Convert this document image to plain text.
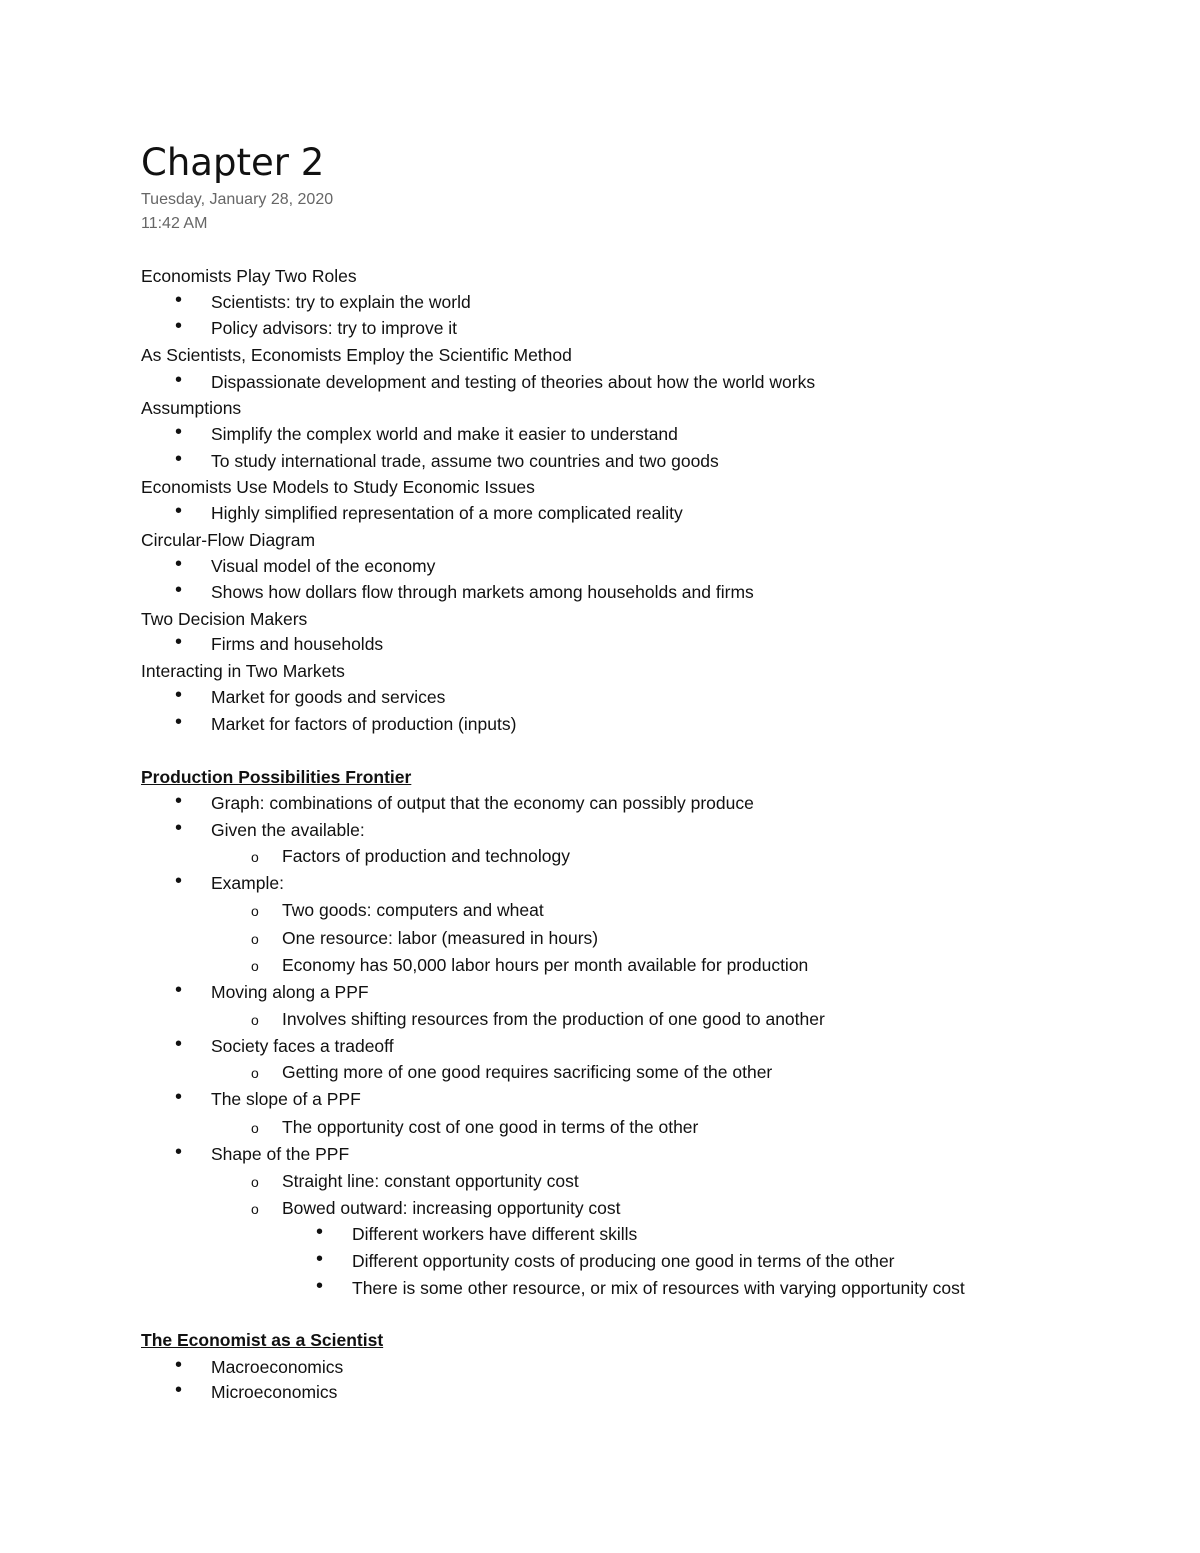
Chapter 2
Tuesday, January 28, 2020
11:42 AM
Economists Play Two Roles
• Scientists: try to explain the world
• Policy advisors: try to improve it
As Scientists, Economists Employ the Scientific Method
• Dispassionate development and testing of theories about how the world works
Assumptions
• Simplify the complex world and make it easier to understand
• To study international trade, assume two countries and two goods
Economists Use Models to Study Economic Issues
• Highly simplified representation of a more complicated reality
Circular-Flow Diagram
• Visual model of the economy
• Shows how dollars flow through markets among households and firms
Two Decision Makers
• Firms and households
Interacting in Two Markets
• Market for goods and services
• Market for factors of production (inputs)
Production Possibilities Frontier
• Graph: combinations of output that the economy can possibly produce
• Given the available:
o Factors of production and technology
• Example:
o Two goods: computers and wheat
o One resource: labor (measured in hours)
o Economy has 50,000 labor hours per month available for production
• Moving along a PPF
o Involves shifting resources from the production of one good to another
• Society faces a tradeoff
o Getting more of one good requires sacrificing some of the other
• The slope of a PPF
o The opportunity cost of one good in terms of the other
• Shape of the PPF
o Straight line: constant opportunity cost
o Bowed outward: increasing opportunity cost
• Different workers have different skills
• Different opportunity costs of producing one good in terms of the other
• There is some other resource, or mix of resources with varying opportunity cost
The Economist as a Scientist
• Macroeconomics
• Microeconomics
